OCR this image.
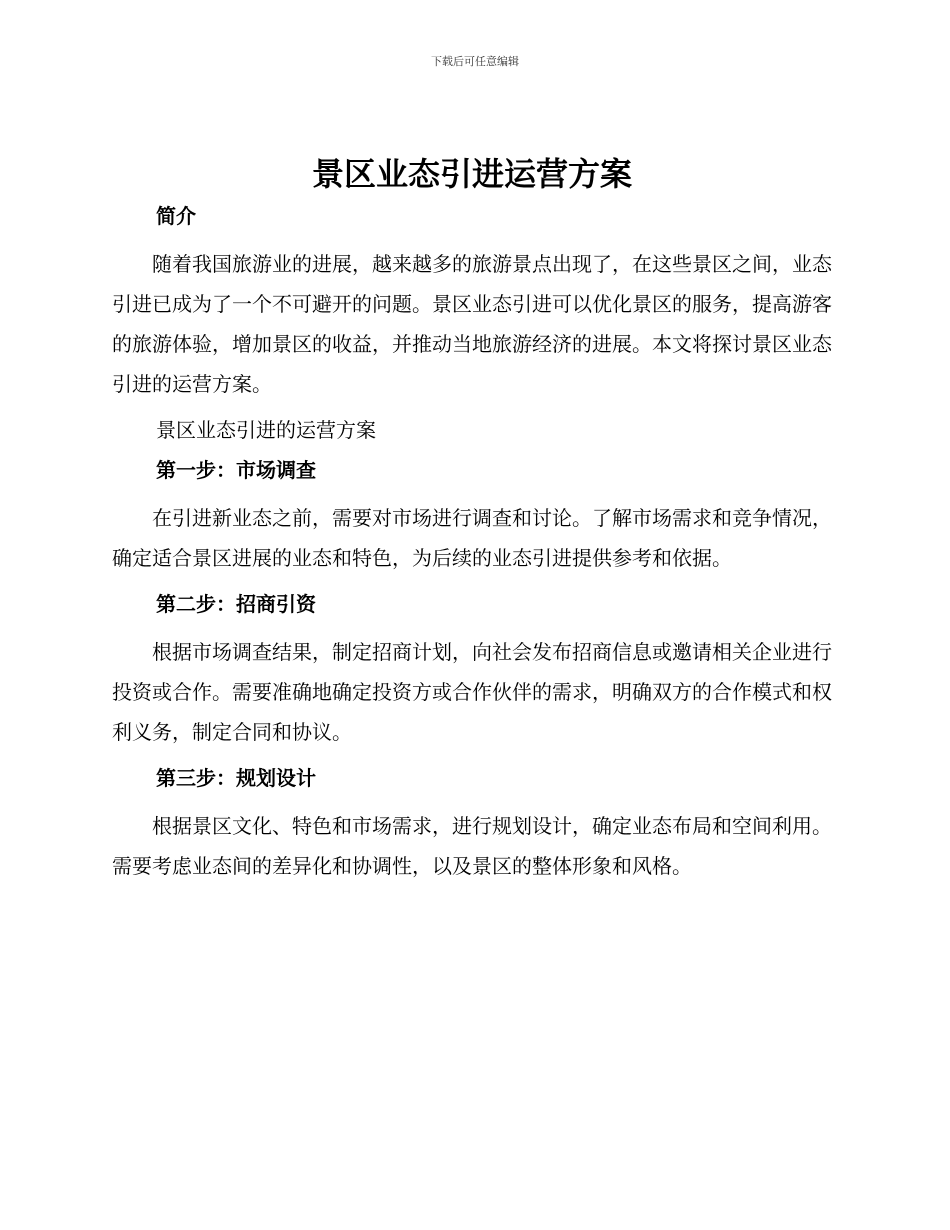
下载后可任意编辑
景区业态引进运营方案
简介

随着我国旅游业的进展，越来越多的旅游景点出现了，在这些景区之间，业态引进已成为了一个不可避开的问题。景区业态引进可以优化景区的服务，提高游客的旅游体验，增加景区的收益，并推动当地旅游经济的进展。本文将探讨景区业态引进的运营方案。

景区业态引进的运营方案
第一步：市场调查

在引进新业态之前，需要对市场进行调查和讨论。了解市场需求和竞争情况，确定适合景区进展的业态和特色，为后续的业态引进提供参考和依据。

第二步：招商引资

根据市场调查结果，制定招商计划，向社会发布招商信息或邀请相关企业进行投资或合作。需要准确地确定投资方或合作伙伴的需求，明确双方的合作模式和权利义务，制定合同和协议。

第三步：规划设计

根据景区文化、特色和市场需求，进行规划设计，确定业态布局和空间利用。需要考虑业态间的差异化和协调性，以及景区的整体形象和风格。
